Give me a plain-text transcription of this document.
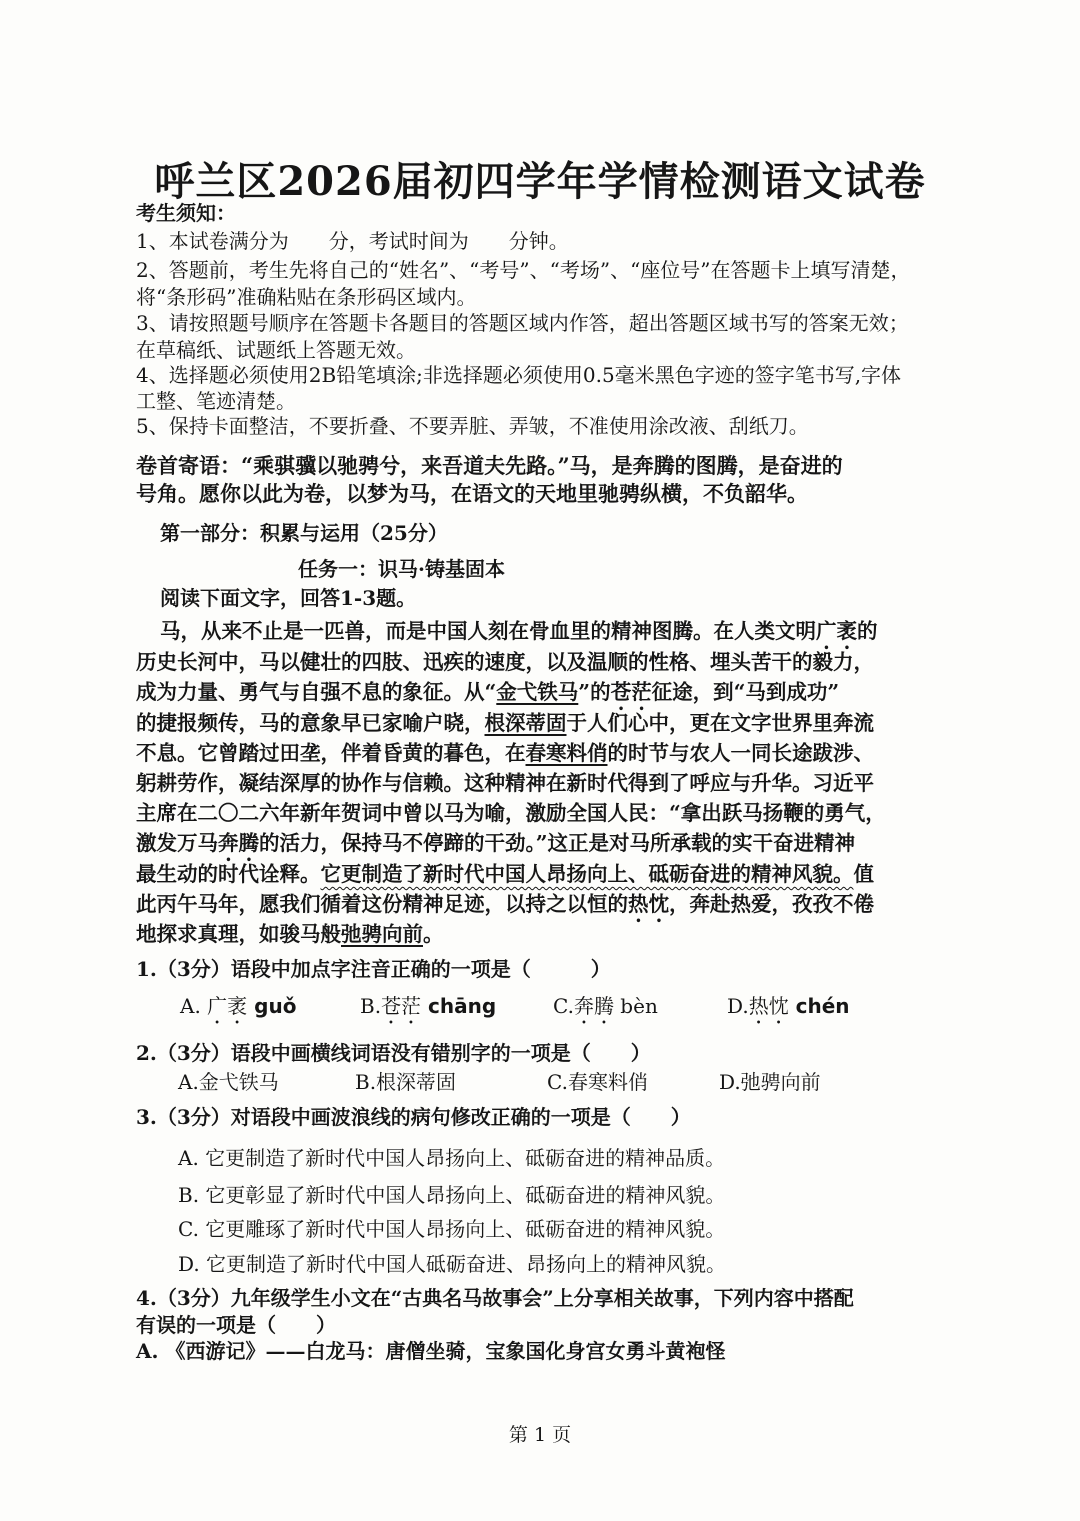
呼兰区2026届初四学年学情检测语文试卷
考生须知：
1、本试卷满分为　　分，考试时间为　　分钟。
2、答题前，考生先将自己的“姓名”、“考号”、“考场”、“座位号”在答题卡上填写清楚，
将“条形码”准确粘贴在条形码区域内。
3、请按照题号顺序在答题卡各题目的答题区域内作答，超出答题区域书写的答案无效；
在草稿纸、试题纸上答题无效。
4、选择题必须使用2B铅笔填涂;非选择题必须使用0.5毫米黑色字迹的签字笔书写,字体
工整、笔迹清楚。
5、保持卡面整洁，不要折叠、不要弄脏、弄皱，不准使用涂改液、刮纸刀。
卷首寄语：“乘骐骥以驰骋兮，来吾道夫先路。”马，是奔腾的图腾，是奋进的
号角。愿你以此为卷，以梦为马，在语文的天地里驰骋纵横，不负韶华。
第一部分：积累与运用（25分）
任务一：识马·铸基固本
阅读下面文字，回答1-3题。
马，从来不止是一匹兽，而是中国人刻在骨血里的精神图腾。在人类文明广袤的
历史长河中，马以健壮的四肢、迅疾的速度，以及温顺的性格、埋头苦干的毅力，
成为力量、勇气与自强不息的象征。从“金弋铁马”的苍茫征途，到“马到成功”
的捷报频传，马的意象早已家喻户晓，根深蒂固于人们心中，更在文字世界里奔流
不息。它曾踏过田垄，伴着昏黄的暮色，在春寒料俏的时节与农人一同长途跋涉、
躬耕劳作，凝结深厚的协作与信赖。这种精神在新时代得到了呼应与升华。习近平
主席在二〇二六年新年贺词中曾以马为喻，激励全国人民：“拿出跃马扬鞭的勇气，
激发万马奔腾的活力，保持马不停蹄的干劲。”这正是对马所承载的实干奋进精神
最生动的时代诠释。它更制造了新时代中国人昂扬向上、砥砺奋进的精神风貌。值
此丙午马年，愿我们循着这份精神足迹，以持之以恒的热忱，奔赴热爱，孜孜不倦
地探求真理，如骏马般弛骋向前。
1.（3分）语段中加点字注音正确的一项是（　　　）
A. 广袤 guǒ	B.苍茫 chāng	C.奔腾 bèn	D.热忱 chén
2.（3分）语段中画横线词语没有错别字的一项是（　　）
A.金弋铁马	B.根深蒂固	C.春寒料俏	D.弛骋向前
3.（3分）对语段中画波浪线的病句修改正确的一项是（　　）
A. 它更制造了新时代中国人昂扬向上、砥砺奋进的精神品质。
B. 它更彰显了新时代中国人昂扬向上、砥砺奋进的精神风貌。
C. 它更雕琢了新时代中国人昂扬向上、砥砺奋进的精神风貌。
D. 它更制造了新时代中国人砥砺奋进、昂扬向上的精神风貌。
4.（3分）九年级学生小文在“古典名马故事会”上分享相关故事，下列内容中搭配
有误的一项是（　　）
A. 《西游记》——白龙马：唐僧坐骑，宝象国化身宫女勇斗黄袍怪
第 1 页
